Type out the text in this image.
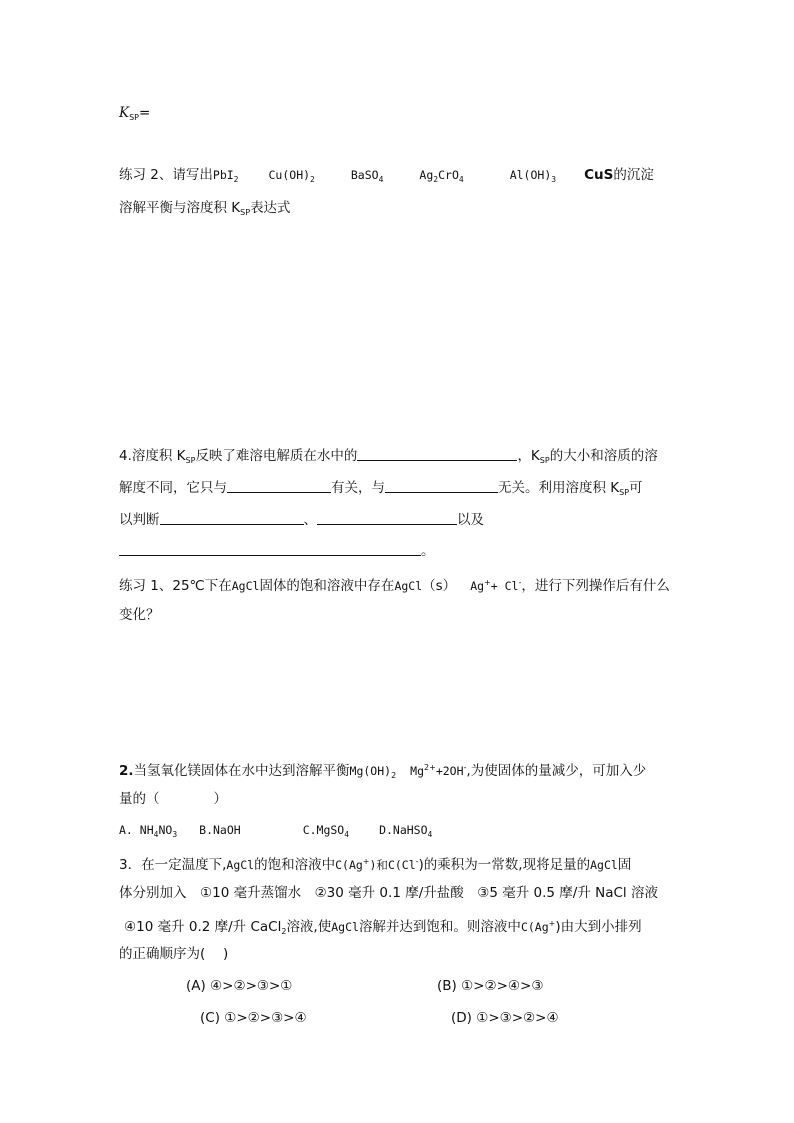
$K_{SP}=$
练习 2、请写出PbI$_2$	$Cu(OH)_2$	BaSO$_4$	$Ag_2CrO_4$	$Al(OH)_3$ CuS的沉淀
溶解平衡与溶度积 $K_{SP}$表达式
4.溶度积 $K_{SP}$反映了难溶电解质在水中的	，$K_{SP}$的大小和溶质的溶
解度不同，它只与	有关，与	无关。利用溶度积 $K_{SP}$可
以判断	、	以及
。
练习 1、25℃下在AgCl固体的饱和溶液中存在AgCl（s） Ag++ Cl-，进行下列操作后有什么
变化？
2.当氢氧化镁固体在水中达到溶解平衡$Mg(OH)_2$ $Mg^{2+}+2OH^-$,为使固体的量减少，可加入少
量的（　　　　）
A. $NH_4NO_3$ B.NaOH	C.MgSO$_4$	D.NaHSO$_4$
3．在一定温度下,AgCl的饱和溶液中C(Ag+)和C(Cl-)的乘积为一常数,现将足量的AgCl固
体分别加入　①10 毫升蒸馏水　②30 毫升 0.1 摩/升盐酸　③5 毫升 0.5 摩/升 NaCl 溶液
④10 毫升 0.2 摩/升 CaCl$_2$溶液,使AgCl溶解并达到饱和。则溶液中C(Ag+)由大到小排列
的正确顺序为(　 )
(A) ④>②>③>①	(B) ①>②>④>③
(C) ①>②>③>④	(D) ①>③>②>④
